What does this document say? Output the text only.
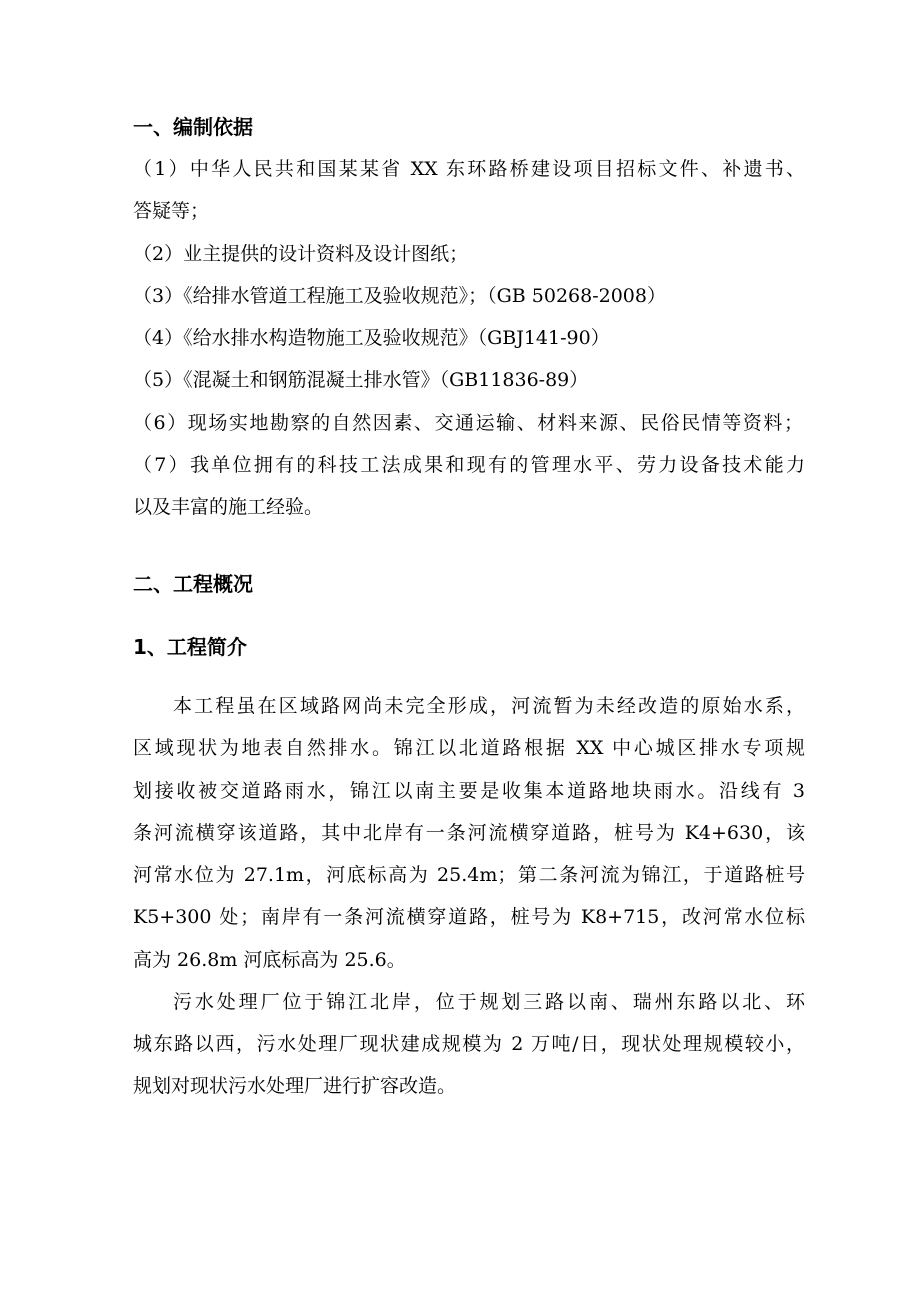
一、编制依据
（1）中华人民共和国某某省 XX 东环路桥建设项目招标文件、补遗书、
答疑等；
（2）业主提供的设计资料及设计图纸；
（3）《给排水管道工程施工及验收规范》；（GB 50268-2008）
（4）《给水排水构造物施工及验收规范》（GBJ141-90）
（5）《混凝土和钢筋混凝土排水管》（GB11836-89）
（6）现场实地勘察的自然因素、交通运输、材料来源、民俗民情等资料；
（7）我单位拥有的科技工法成果和现有的管理水平、劳力设备技术能力
以及丰富的施工经验。
二、工程概况
1、工程简介
本工程虽在区域路网尚未完全形成，河流暂为未经改造的原始水系，
区域现状为地表自然排水。锦江以北道路根据 XX 中心城区排水专项规
划接收被交道路雨水，锦江以南主要是收集本道路地块雨水。沿线有 3
条河流横穿该道路，其中北岸有一条河流横穿道路，桩号为 K4+630，该
河常水位为 27.1m，河底标高为 25.4m；第二条河流为锦江，于道路桩号
K5+300 处；南岸有一条河流横穿道路，桩号为 K8+715，改河常水位标
高为 26.8m 河底标高为 25.6。
污水处理厂位于锦江北岸，位于规划三路以南、瑞州东路以北、环
城东路以西，污水处理厂现状建成规模为 2 万吨/日，现状处理规模较小，
规划对现状污水处理厂进行扩容改造。
